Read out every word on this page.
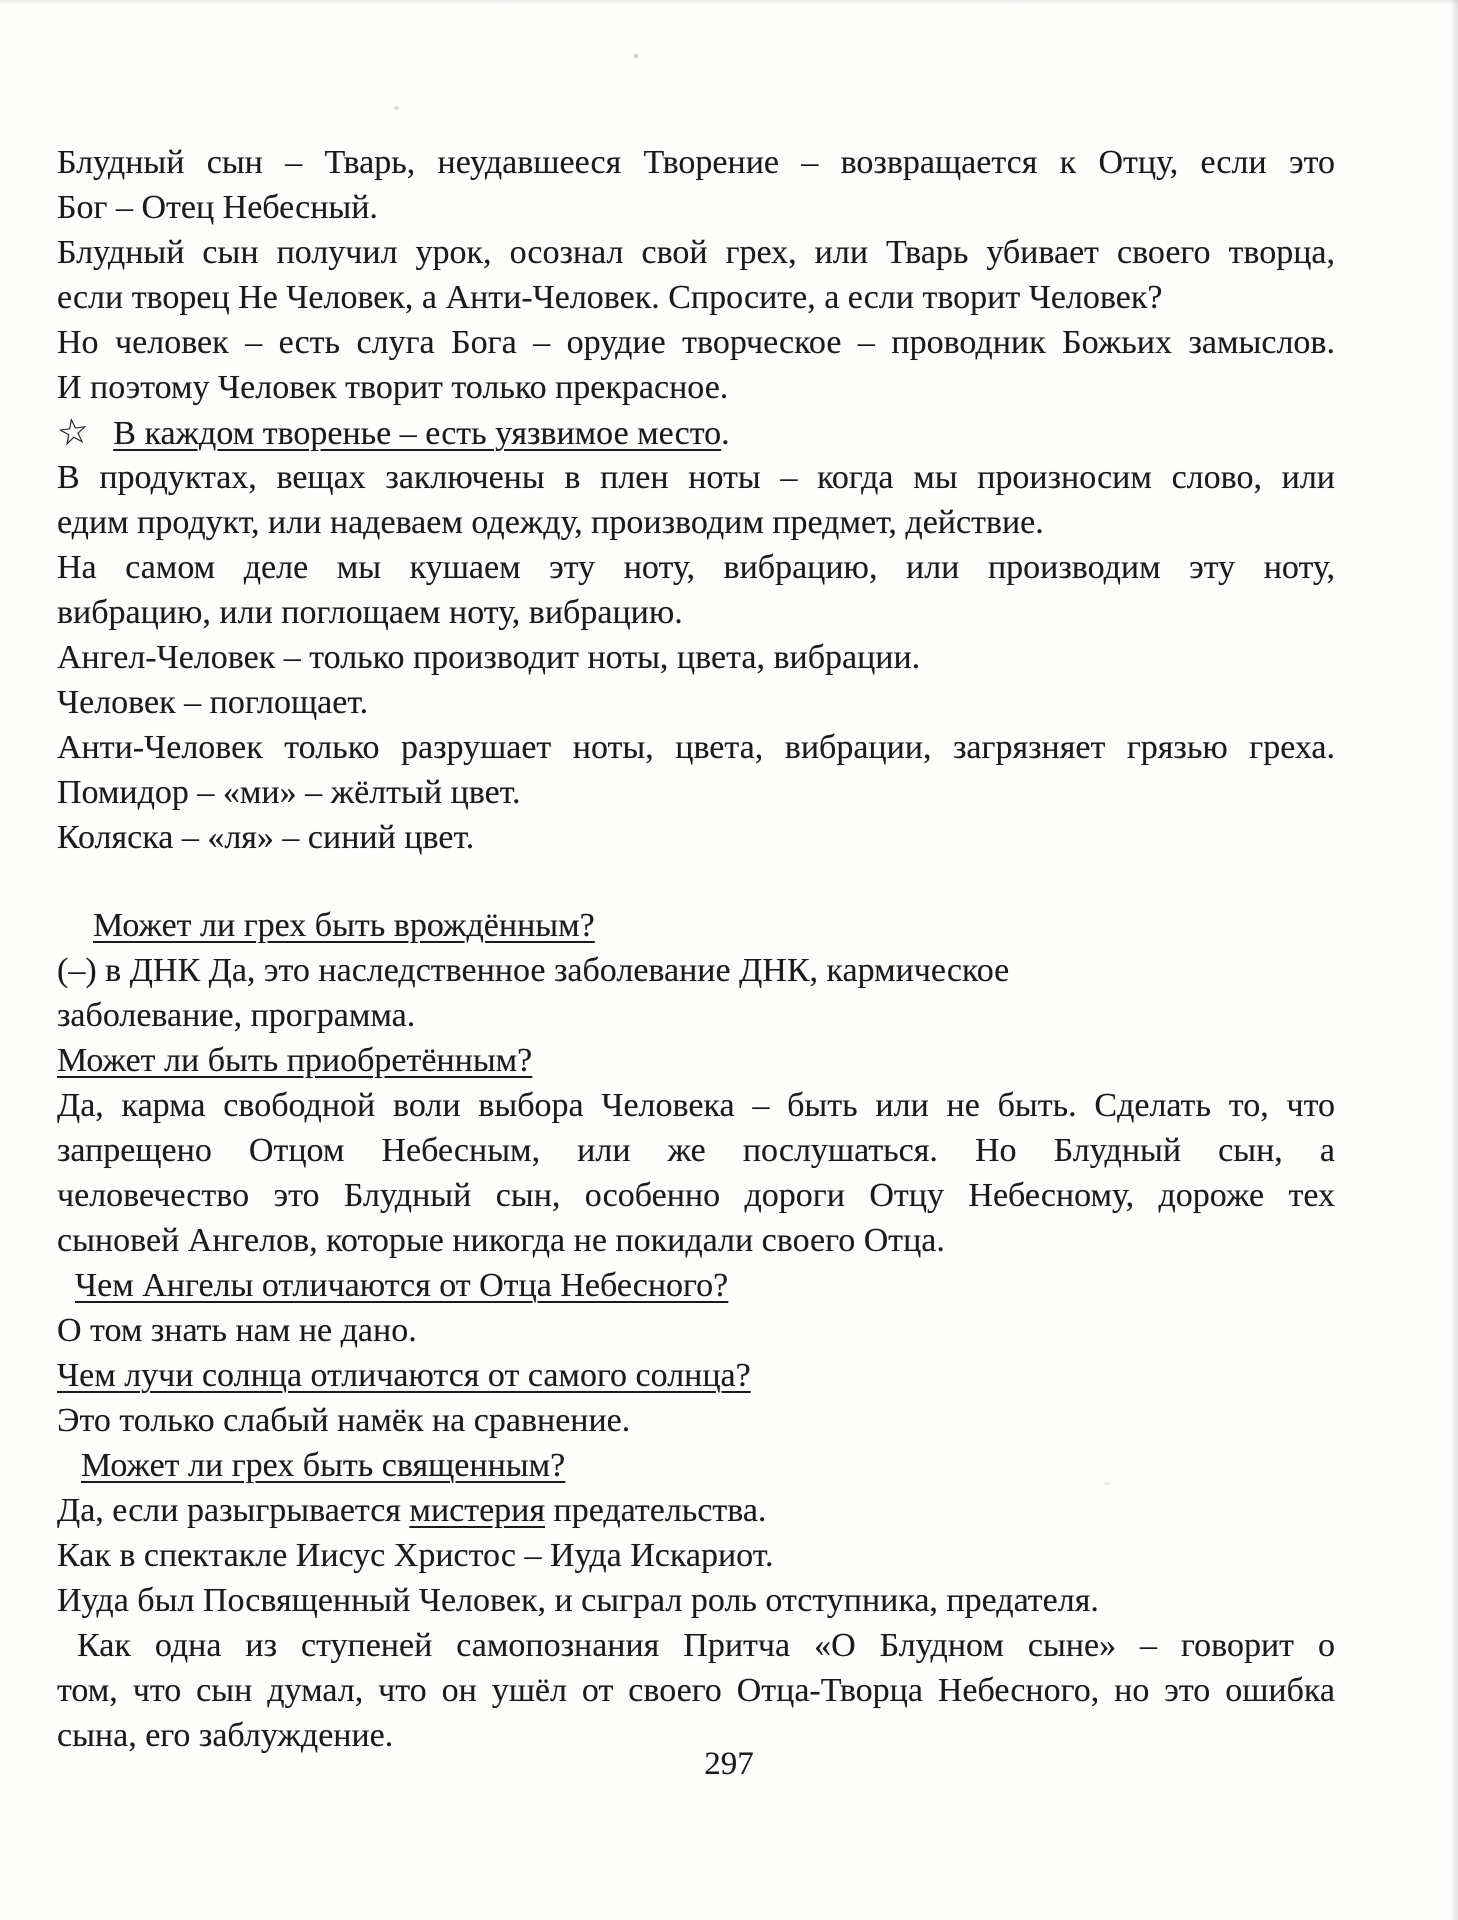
Блудный сын – Тварь, неудавшееся Творение – возвращается к Отцу, если это
Бог – Отец Небесный.
Блудный сын получил урок, осознал свой грех, или Тварь убивает своего творца,
если творец Не Человек, а Анти-Человек. Спросите, а если творит Человек?
Но человек – есть слуга Бога – орудие творческое – проводник Божьих замыслов.
И поэтому Человек творит только прекрасное.
☆ В каждом творенье – есть уязвимое место.
В продуктах, вещах заключены в плен ноты – когда мы произносим слово, или
едим продукт, или надеваем одежду, производим предмет, действие.
На самом деле мы кушаем эту ноту, вибрацию, или производим эту ноту,
вибрацию, или поглощаем ноту, вибрацию.
Ангел-Человек – только производит ноты, цвета, вибрации.
Человек – поглощает.
Анти-Человек только разрушает ноты, цвета, вибрации, загрязняет грязью греха.
Помидор – «ми» – жёлтый цвет.
Коляска – «ля» – синий цвет.
Может ли грех быть врождённым?
(–) в ДНК Да, это наследственное заболевание ДНК, кармическое
заболевание, программа.
Может ли быть приобретённым?
Да, карма свободной воли выбора Человека – быть или не быть. Сделать то, что
запрещено Отцом Небесным, или же послушаться. Но Блудный сын, а
человечество это Блудный сын, особенно дороги Отцу Небесному, дороже тех
сыновей Ангелов, которые никогда не покидали своего Отца.
Чем Ангелы отличаются от Отца Небесного?
О том знать нам не дано.
Чем лучи солнца отличаются от самого солнца?
Это только слабый намёк на сравнение.
Может ли грех быть священным?
Да, если разыгрывается мистерия предательства.
Как в спектакле Иисус Христос – Иуда Искариот.
Иуда был Посвященный Человек, и сыграл роль отступника, предателя.
Как одна из ступеней самопознания Притча «О Блудном сыне» – говорит о
том, что сын думал, что он ушёл от своего Отца-Творца Небесного, но это ошибка
сына, его заблуждение.
297
